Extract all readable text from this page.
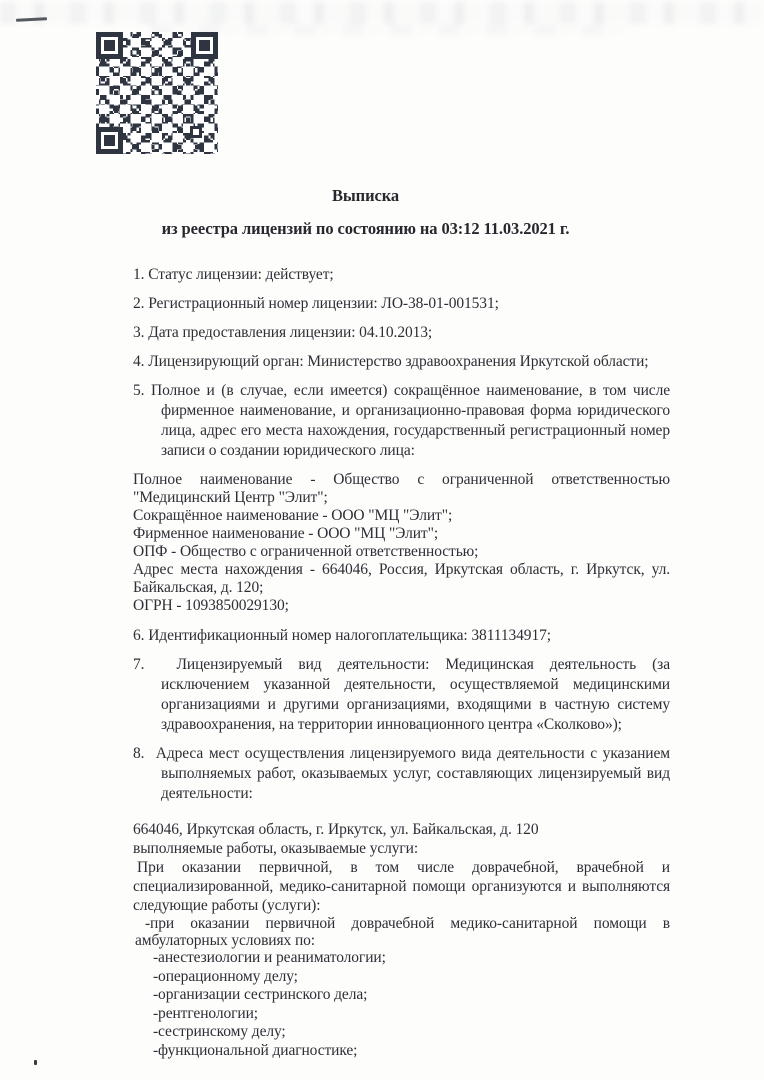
Выписка

из реестра лицензий по состоянию на 03:12 11.03.2021 г.

1. Статус лицензии: действует;

2. Регистрационный номер лицензии: ЛО-38-01-001531;

3. Дата предоставления лицензии: 04.10.2013;

4. Лицензирующий орган: Министерство здравоохранения Иркутской области;

5. Полное и (в случае, если имеется) сокращённое наименование, в том числе фирменное наименование, и организационно-правовая форма юридического лица, адрес его места нахождения, государственный регистрационный номер записи о создании юридического лица:

Полное наименование - Общество с ограниченной ответственностью "Медицинский Центр "Элит";
Сокращённое наименование - ООО "МЦ "Элит";
Фирменное наименование - ООО "МЦ "Элит";
ОПФ - Общество с ограниченной ответственностью;
Адрес места нахождения - 664046, Россия, Иркутская область, г. Иркутск, ул. Байкальская, д. 120;
ОГРН - 1093850029130;

6. Идентификационный номер налогоплательщика: 3811134917;

7. Лицензируемый вид деятельности: Медицинская деятельность (за исключением указанной деятельности, осуществляемой медицинскими организациями и другими организациями, входящими в частную систему здравоохранения, на территории инновационного центра «Сколково»);

8. Адреса мест осуществления лицензируемого вида деятельности с указанием выполняемых работ, оказываемых услуг, составляющих лицензируемый вид деятельности:

664046, Иркутская область, г. Иркутск, ул. Байкальская, д. 120
выполняемые работы, оказываемые услуги:
При оказании первичной, в том числе доврачебной, врачебной и специализированной, медико-санитарной помощи организуются и выполняются следующие работы (услуги):
-при оказании первичной доврачебной медико-санитарной помощи в амбулаторных условиях по:
-анестезиологии и реаниматологии;
-операционному делу;
-организации сестринского дела;
-рентгенологии;
-сестринскому делу;
-функциональной диагностике;
